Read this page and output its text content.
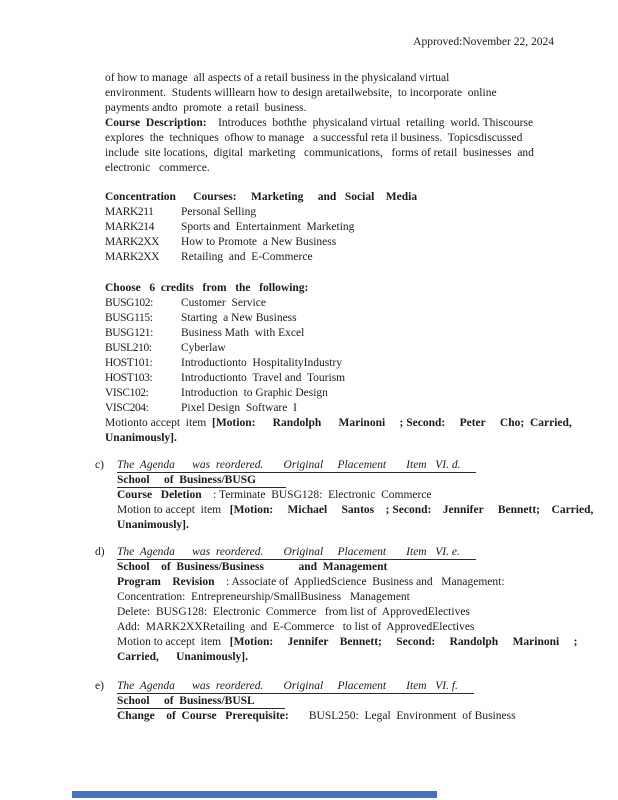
Approved:November 22, 2024
of how to manage  all aspects of a retail business in the physicaland virtual
environment.  Students willlearn how to design aretailwebsite,  to incorporate  online
payments andto  promote  a retail  business.
Course  Description:    Introduces  boththe  physicaland virtual  retailing  world. Thiscourse
explores  the  techniques  ofhow to manage   a successful reta il business.  Topicsdiscussed
include  site locations,  digital  marketing   communications,   forms of retail  businesses  and
electronic   commerce.
Concentration      Courses:     Marketing     and   Social    Media
MARK211	Personal Selling
MARK214	Sports and  Entertainment  Marketing
MARK2XX	How to Promote  a New Business
MARK2XX	Retailing  and  E-Commerce
Choose   6  credits   from   the   following:
BUSG102:	Customer  Service
BUSG115:	Starting  a New Business
BUSG121:	Business Math  with Excel
BUSL210:	Cyberlaw
HOST101:	Introductionto  HospitalityIndustry
HOST103:	Introductionto  Travel and  Tourism
VISC102:	Introduction  to Graphic Design
VISC204:	Pixel Design  Software  I
Motionto accept  item  [Motion:      Randolph      Marinoni     ; Second:     Peter     Cho;  Carried,
Unanimously].
c) The  Agenda      was  reordered.       Original     Placement       Item   VI. d.
School     of  Business/BUSG
Course   Deletion    : Terminate  BUSG128:  Electronic  Commerce
Motion to accept  item   [Motion:     Michael     Santos    ; Second:    Jennifer     Bennett;    Carried,
Unanimously].
d) The  Agenda      was  reordered.       Original     Placement       Item   VI. e.
School    of  Business/Business            and  Management
Program    Revision    : Associate of  AppliedScience  Business and   Management:
Concentration:  Entrepreneurship/SmallBusiness   Management
Delete:  BUSG128:  Electronic  Commerce   from list of  ApprovedElectives
Add:  MARK2XXRetailing  and  E-Commerce   to list of  ApprovedElectives
Motion to accept  item   [Motion:     Jennifer    Bennett;     Second:     Randolph     Marinoni     ;
Carried,      Unanimously].
e) The  Agenda      was  reordered.       Original     Placement       Item   VI. f.
School     of  Business/BUSL
Change    of  Course   Prerequisite:       BUSL250:  Legal  Environment  of Business
